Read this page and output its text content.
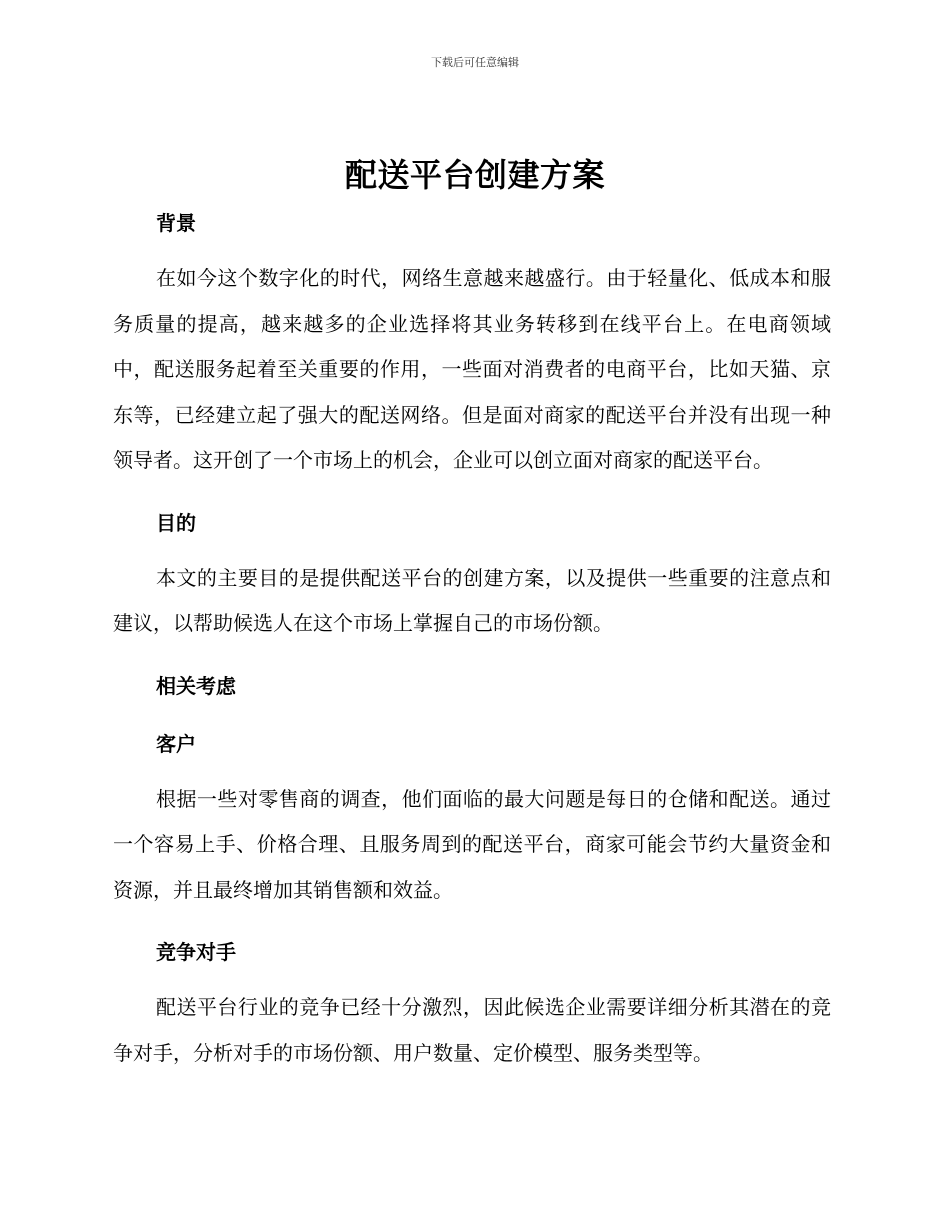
下载后可任意编辑
配送平台创建方案
背景

在如今这个数字化的时代，网络生意越来越盛行。由于轻量化、低成本和服务质量的提高，越来越多的企业选择将其业务转移到在线平台上。在电商领域中，配送服务起着至关重要的作用，一些面对消费者的电商平台，比如天猫、京东等，已经建立起了强大的配送网络。但是面对商家的配送平台并没有出现一种领导者。这开创了一个市场上的机会，企业可以创立面对商家的配送平台。

目的

本文的主要目的是提供配送平台的创建方案，以及提供一些重要的注意点和建议，以帮助候选人在这个市场上掌握自己的市场份额。

相关考虑
客户

根据一些对零售商的调查，他们面临的最大问题是每日的仓储和配送。通过一个容易上手、价格合理、且服务周到的配送平台，商家可能会节约大量资金和资源，并且最终增加其销售额和效益。

竞争对手

配送平台行业的竞争已经十分激烈，因此候选企业需要详细分析其潜在的竞争对手，分析对手的市场份额、用户数量、定价模型、服务类型等。
